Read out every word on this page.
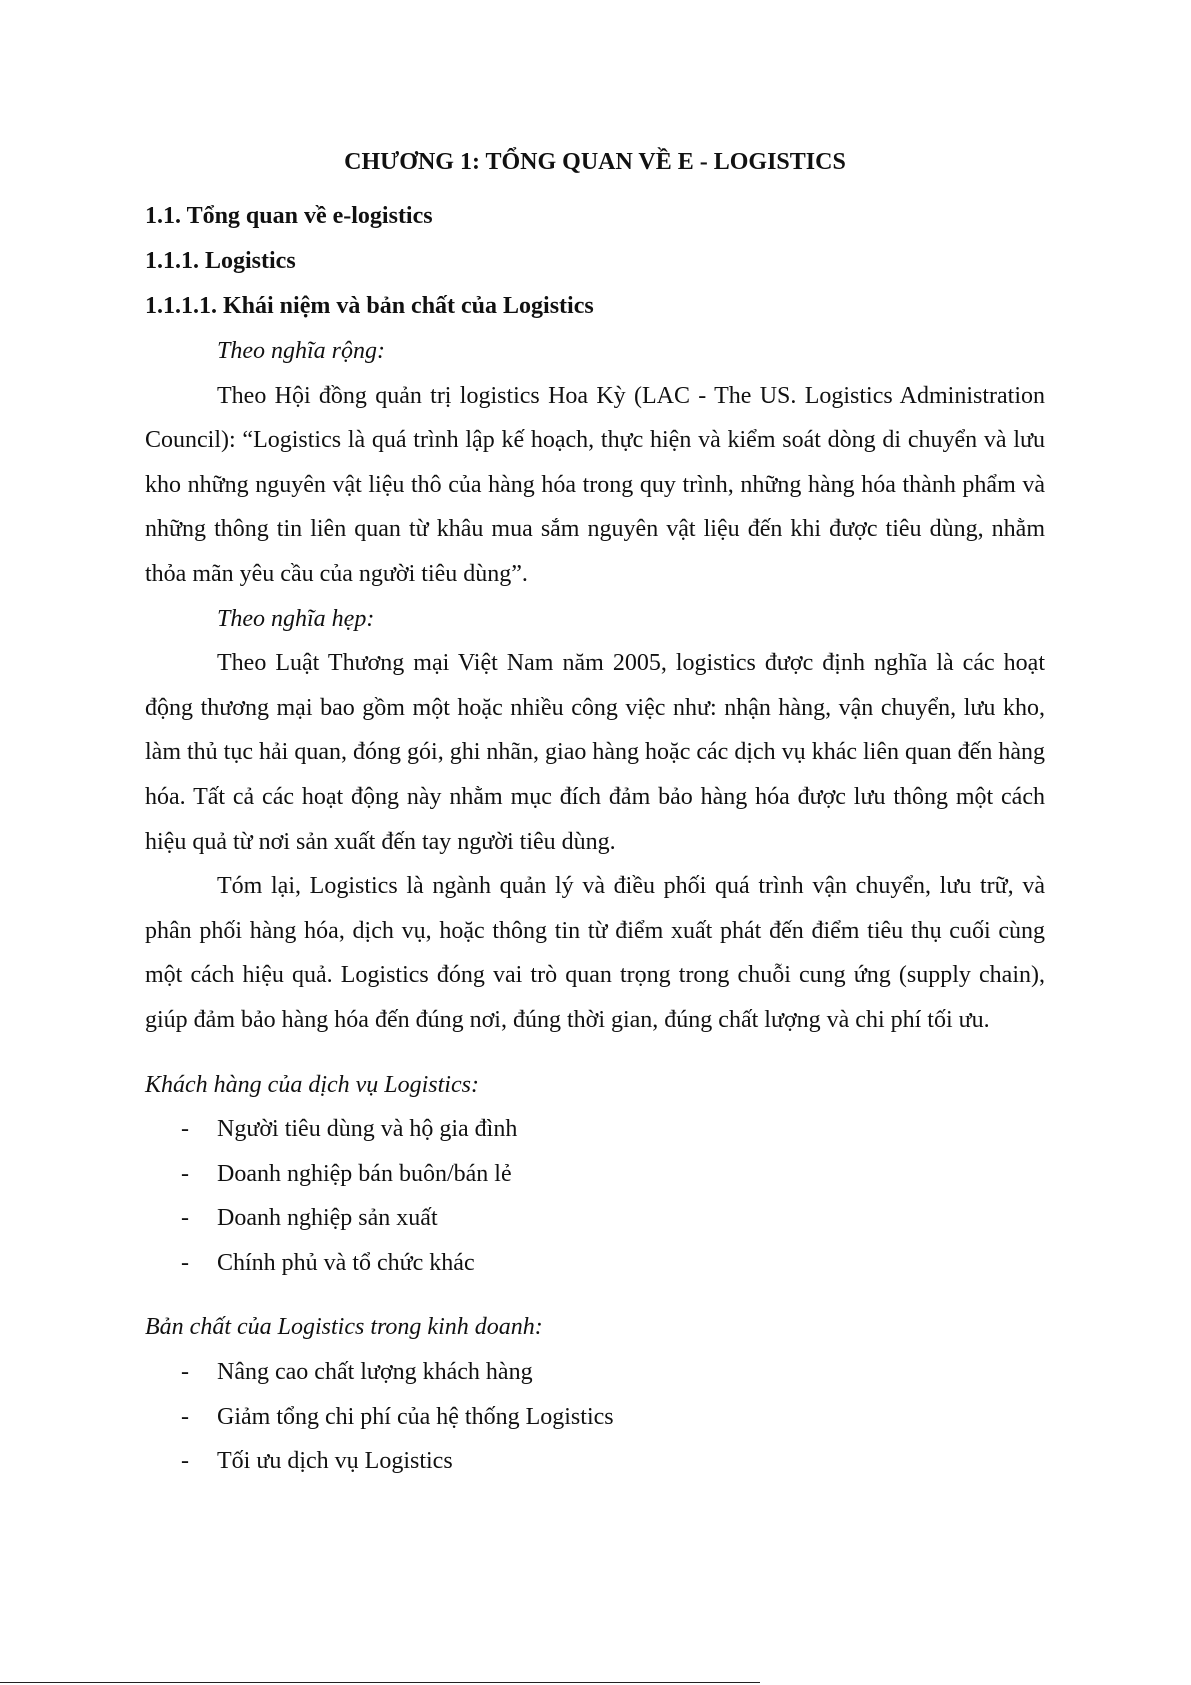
CHƯƠNG 1: TỔNG QUAN VỀ E - LOGISTICS

1.1. Tổng quan về e-logistics

1.1.1. Logistics

1.1.1.1. Khái niệm và bản chất của Logistics

Theo nghĩa rộng:

Theo Hội đồng quản trị logistics Hoa Kỳ (LAC - The US. Logistics Administration Council): “Logistics là quá trình lập kế hoạch, thực hiện và kiểm soát dòng di chuyển và lưu kho những nguyên vật liệu thô của hàng hóa trong quy trình, những hàng hóa thành phẩm và những thông tin liên quan từ khâu mua sắm nguyên vật liệu đến khi được tiêu dùng, nhằm thỏa mãn yêu cầu của người tiêu dùng”.

Theo nghĩa hẹp:

Theo Luật Thương mại Việt Nam năm 2005, logistics được định nghĩa là các hoạt động thương mại bao gồm một hoặc nhiều công việc như: nhận hàng, vận chuyển, lưu kho, làm thủ tục hải quan, đóng gói, ghi nhãn, giao hàng hoặc các dịch vụ khác liên quan đến hàng hóa. Tất cả các hoạt động này nhằm mục đích đảm bảo hàng hóa được lưu thông một cách hiệu quả từ nơi sản xuất đến tay người tiêu dùng.

Tóm lại, Logistics là ngành quản lý và điều phối quá trình vận chuyển, lưu trữ, và phân phối hàng hóa, dịch vụ, hoặc thông tin từ điểm xuất phát đến điểm tiêu thụ cuối cùng một cách hiệu quả. Logistics đóng vai trò quan trọng trong chuỗi cung ứng (supply chain), giúp đảm bảo hàng hóa đến đúng nơi, đúng thời gian, đúng chất lượng và chi phí tối ưu.

Khách hàng của dịch vụ Logistics:

- Người tiêu dùng và hộ gia đình
- Doanh nghiệp bán buôn/bán lẻ
- Doanh nghiệp sản xuất
- Chính phủ và tổ chức khác

Bản chất của Logistics trong kinh doanh:

- Nâng cao chất lượng khách hàng
- Giảm tổng chi phí của hệ thống Logistics
- Tối ưu dịch vụ Logistics
